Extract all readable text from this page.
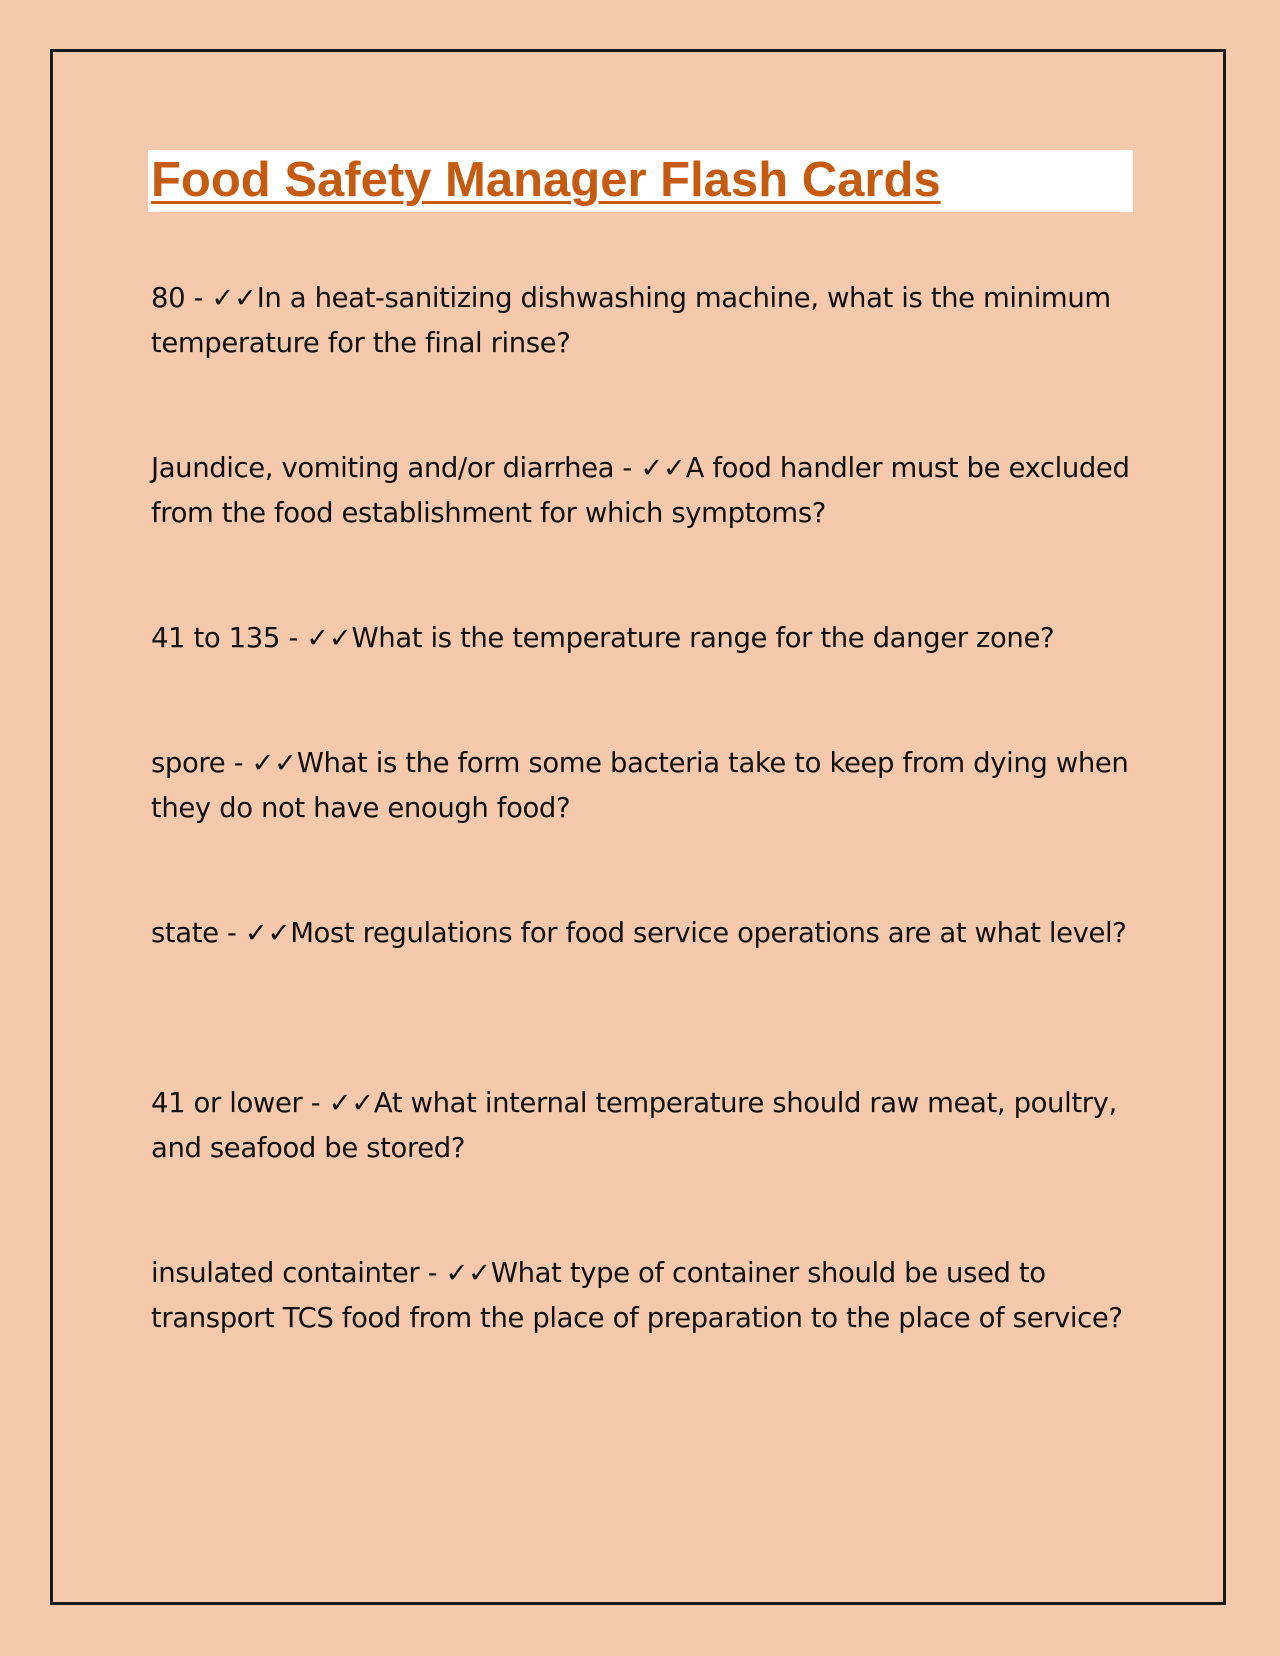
Food Safety Manager Flash Cards

80 - ✓✓In a heat-sanitizing dishwashing machine, what is the minimum temperature for the final rinse?

Jaundice, vomiting and/or diarrhea - ✓✓A food handler must be excluded from the food establishment for which symptoms?

41 to 135 - ✓✓What is the temperature range for the danger zone?

spore - ✓✓What is the form some bacteria take to keep from dying when they do not have enough food?

state - ✓✓Most regulations for food service operations are at what level?

41 or lower - ✓✓At what internal temperature should raw meat, poultry, and seafood be stored?

insulated containter - ✓✓What type of container should be used to transport TCS food from the place of preparation to the place of service?
